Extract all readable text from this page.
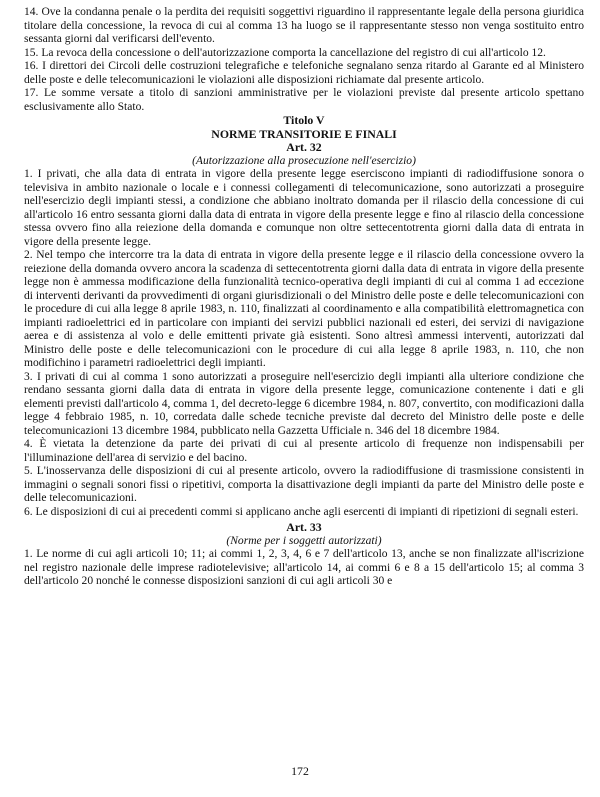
14. Ove la condanna penale o la perdita dei requisiti soggettivi riguardino il rappresentante legale della persona giuridica titolare della concessione, la revoca di cui al comma 13 ha luogo se il rappresentante stesso non venga sostituito entro sessanta giorni dal verificarsi dell'evento.

15. La revoca della concessione o dell'autorizzazione comporta la cancellazione del registro di cui all'articolo 12.

16. I direttori dei Circoli delle costruzioni telegrafiche e telefoniche segnalano senza ritardo al Garante ed al Ministero delle poste e delle telecomunicazioni le violazioni alle disposizioni richiamate dal presente articolo.

17. Le somme versate a titolo di sanzioni amministrative per le violazioni previste dal presente articolo spettano esclusivamente allo Stato.

Titolo V

NORME TRANSITORIE E FINALI

Art. 32

(Autorizzazione alla prosecuzione nell'esercizio)

1. I privati, che alla data di entrata in vigore della presente legge eserciscono impianti di radiodiffusione sonora o televisiva in ambito nazionale o locale e i connessi collegamenti di telecomunicazione, sono autorizzati a proseguire nell'esercizio degli impianti stessi, a condizione che abbiano inoltrato domanda per il rilascio della concessione di cui all'articolo 16 entro sessanta giorni dalla data di entrata in vigore della presente legge e fino al rilascio della concessione stessa ovvero fino alla reiezione della domanda e comunque non oltre settecentotrenta giorni dalla data di entrata in vigore della presente legge.

2. Nel tempo che intercorre tra la data di entrata in vigore della presente legge e il rilascio della concessione ovvero la reiezione della domanda ovvero ancora la scadenza di settecentotrenta giorni dalla data di entrata in vigore della presente legge non è ammessa modificazione della funzionalità tecnico-operativa degli impianti di cui al comma 1 ad eccezione di interventi derivanti da provvedimenti di organi giurisdizionali o del Ministro delle poste e delle telecomunicazioni con le procedure di cui alla legge 8 aprile 1983, n. 110, finalizzati al coordinamento e alla compatibilità elettromagnetica con impianti radioelettrici ed in particolare con impianti dei servizi pubblici nazionali ed esteri, dei servizi di navigazione aerea e di assistenza al volo e delle emittenti private già esistenti. Sono altresì ammessi interventi, autorizzati dal Ministro delle poste e delle telecomunicazioni con le procedure di cui alla legge 8 aprile 1983, n. 110, che non modifichino i parametri radioelettrici degli impianti.

3. I privati di cui al comma 1 sono autorizzati a proseguire nell'esercizio degli impianti alla ulteriore condizione che rendano sessanta giorni dalla data di entrata in vigore della presente legge, comunicazione contenente i dati e gli elementi previsti dall'articolo 4, comma 1, del decreto-legge 6 dicembre 1984, n. 807, convertito, con modificazioni dalla legge 4 febbraio 1985, n. 10, corredata dalle schede tecniche previste dal decreto del Ministro delle poste e delle telecomunicazioni 13 dicembre 1984, pubblicato nella Gazzetta Ufficiale n. 346 del 18 dicembre 1984.

4. È vietata la detenzione da parte dei privati di cui al presente articolo di frequenze non indispensabili per l'illuminazione dell'area di servizio e del bacino.

5. L'inosservanza delle disposizioni di cui al presente articolo, ovvero la radiodiffusione di trasmissione consistenti in immagini o segnali sonori fissi o ripetitivi, comporta la disattivazione degli impianti da parte del Ministro delle poste e delle telecomunicazioni.

6. Le disposizioni di cui ai precedenti commi si applicano anche agli esercenti di impianti di ripetizioni di segnali esteri.

Art. 33

(Norme per i soggetti autorizzati)

1. Le norme di cui agli articoli 10; 11; ai commi 1, 2, 3, 4, 6 e 7 dell'articolo 13, anche se non finalizzate all'iscrizione nel registro nazionale delle imprese radiotelevisive; all'articolo 14, ai commi 6 e 8 a 15 dell'articolo 15; al comma 3 dell'articolo 20 nonché le connesse disposizioni sanzioni di cui agli articoli 30 e

172
